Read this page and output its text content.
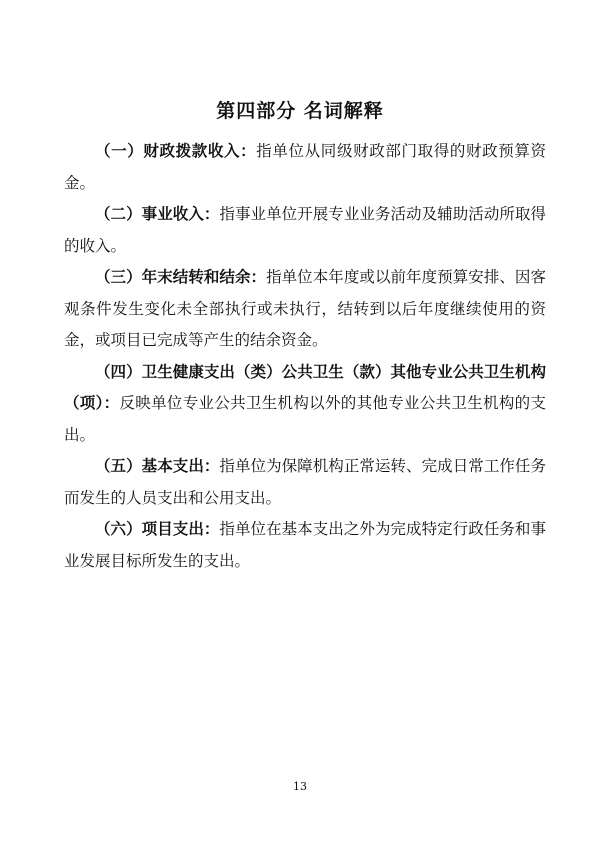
第四部分 名词解释

（一）财政拨款收入：指单位从同级财政部门取得的财政预算资金。

（二）事业收入：指事业单位开展专业业务活动及辅助活动所取得的收入。

（三）年末结转和结余：指单位本年度或以前年度预算安排、因客观条件发生变化未全部执行或未执行，结转到以后年度继续使用的资金，或项目已完成等产生的结余资金。

（四）卫生健康支出（类）公共卫生（款）其他专业公共卫生机构（项）：反映单位专业公共卫生机构以外的其他专业公共卫生机构的支出。

（五）基本支出：指单位为保障机构正常运转、完成日常工作任务而发生的人员支出和公用支出。

（六）项目支出：指单位在基本支出之外为完成特定行政任务和事业发展目标所发生的支出。

13
